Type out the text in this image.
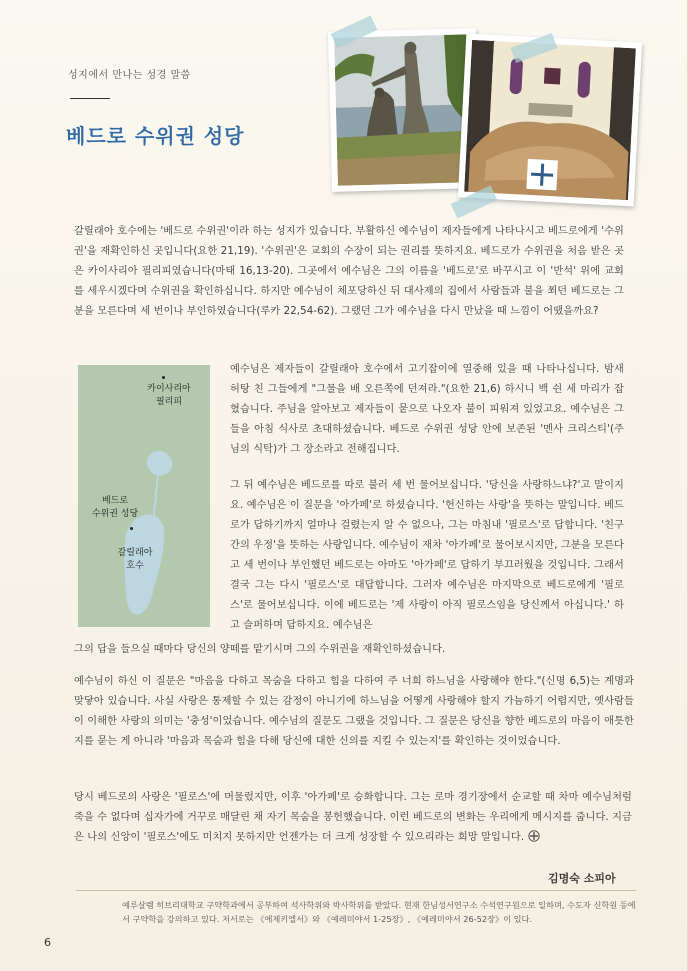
성지에서 만나는 성경 말씀
베드로 수위권 성당

갈릴래아 호수에는 '베드로 수위권'이라 하는 성지가 있습니다. 부활하신 예수님이 제자들에게 나타나시고 베드로에게 '수위권'을 재확인하신 곳입니다(요한 21,19). '수위권'은 교회의 수장이 되는 권리를 뜻하지요. 베드로가 수위권을 처음 받은 곳은 카이사리아 필리피였습니다(마태 16,13-20). 그곳에서 예수님은 그의 이름을 '베드로'로 바꾸시고 이 '반석' 위에 교회를 세우시겠다며 수위권을 확인하십니다. 하지만 예수님이 체포당하신 뒤 대사제의 집에서 사람들과 불을 쬐던 베드로는 그분을 모른다며 세 번이나 부인하였습니다(루카 22,54-62). 그랬던 그가 예수님을 다시 만났을 때 느낌이 어땠을까요?

카이사리아
필리피
베드로
수위권 성당
갈릴래아
호수

예수님은 제자들이 갈릴래아 호수에서 고기잡이에 열중해 있을 때 나타나십니다. 밤새 허탕 친 그들에게 "그물을 배 오른쪽에 던져라."(요한 21,6) 하시니 백 쉰 세 마리가 잡혔습니다. 주님을 알아보고 제자들이 뭍으로 나오자 불이 피워져 있었고요. 예수님은 그들을 아침 식사로 초대하셨습니다. 베드로 수위권 성당 안에 보존된 '멘사 크리스티'(주님의 식탁)가 그 장소라고 전해집니다.

그 뒤 예수님은 베드로를 따로 불러 세 번 물어보십니다. '당신을 사랑하느냐?'고 말이지요. 예수님은 이 질문을 '아가페'로 하셨습니다. '헌신하는 사랑'을 뜻하는 말입니다. 베드로가 답하기까지 얼마나 걸렸는지 알 수 없으나, 그는 마침내 '필로스'로 답합니다. '친구 간의 우정'을 뜻하는 사랑입니다. 예수님이 재차 '아가페'로 물어보시지만, 그분을 모른다고 세 번이나 부인했던 베드로는 아마도 '아가페'로 답하기 부끄러웠을 것입니다. 그래서 결국 그는 다시 '필로스'로 대답합니다. 그러자 예수님은 마지막으로 베드로에게 '필로스'로 물어보십니다. 이에 베드로는 '제 사랑이 아직 필로스임을 당신께서 아십니다.' 하고 슬퍼하며 답하지요. 예수님은

그의 답을 들으실 때마다 당신의 양떼를 맡기시며 그의 수위권을 재확인하셨습니다.

예수님이 하신 이 질문은 "마음을 다하고 목숨을 다하고 힘을 다하여 주 너희 하느님을 사랑해야 한다."(신명 6,5)는 계명과 맞닿아 있습니다. 사실 사랑은 통제할 수 있는 감정이 아니기에 하느님을 어떻게 사랑해야 할지 가늠하기 어렵지만, 옛사람들이 이해한 사랑의 의미는 '충성'이었습니다. 예수님의 질문도 그랬을 것입니다. 그 질문은 당신을 향한 베드로의 마음이 애틋한 지를 묻는 게 아니라 '마음과 목숨과 힘을 다해 당신에 대한 신의를 지킬 수 있는지'를 확인하는 것이었습니다.

당시 베드로의 사랑은 '필로스'에 머물렀지만, 이후 '아가페'로 승화합니다. 그는 로마 경기장에서 순교할 때 차마 예수님처럼 죽을 수 없다며 십자가에 거꾸로 매달린 채 자기 목숨을 봉헌했습니다. 이런 베드로의 변화는 우리에게 메시지를 줍니다. 지금은 나의 신앙이 '필로스'에도 미치지 못하지만 언젠가는 더 크게 성장할 수 있으리라는 희망 말입니다.

김명숙 소피아
예루살렘 히브리대학교 구약학과에서 공부하여 석사학위와 박사학위를 받았다. 현재 한님성서연구소 수석연구원으로 일하며, 수도자 신학원 등에서 구약학을 강의하고 있다. 저서로는 《에제키엘서》와 《예레미야서 1-25장》, 《예레미야서 26-52장》이 있다.
6
